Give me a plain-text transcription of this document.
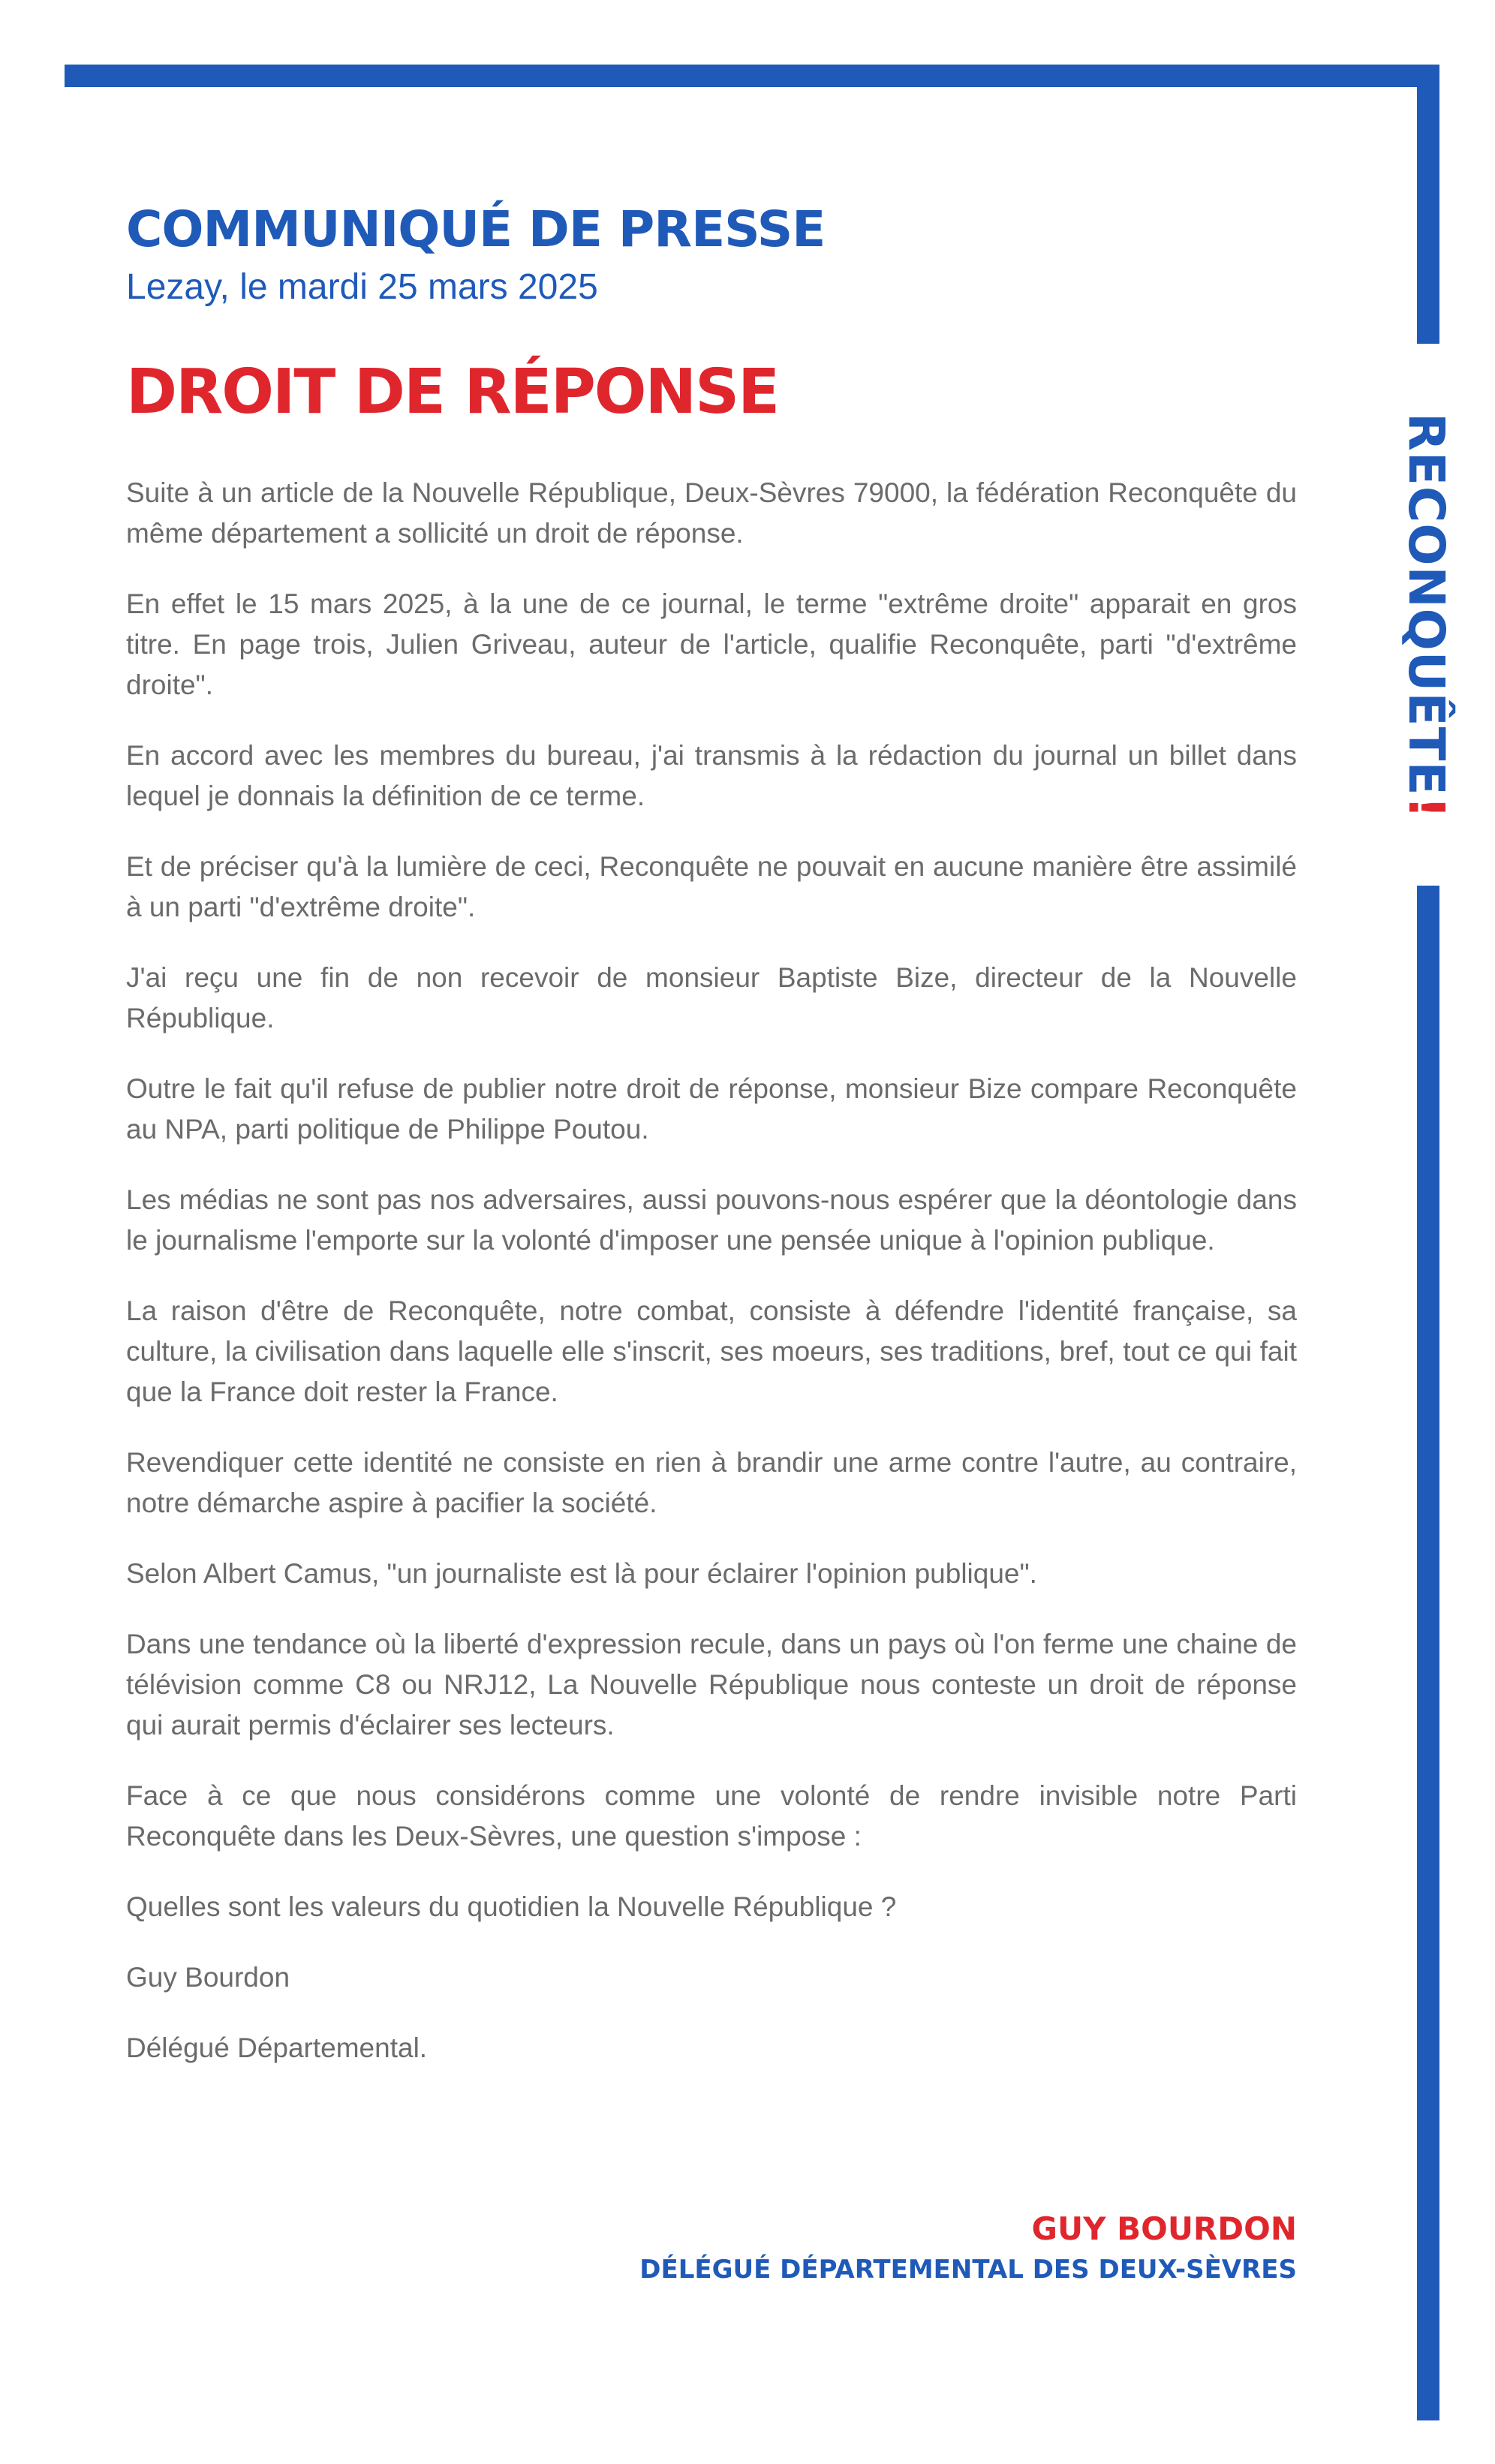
RECONQUÊTE!
COMMUNIQUÉ DE PRESSE

Lezay, le mardi 25 mars 2025

DROIT DE RÉPONSE

Suite à un article de la Nouvelle République, Deux-Sèvres 79000, la fédération Reconquête du même département a sollicité un droit de réponse.

En effet le 15 mars 2025, à la une de ce journal, le terme "extrême droite" apparait en gros titre. En page trois, Julien Griveau, auteur de l'article, qualifie Reconquête, parti "d'extrême droite".

En accord avec les membres du bureau, j'ai transmis à la rédaction du journal un billet dans lequel je donnais la définition de ce terme.

Et de préciser qu'à la lumière de ceci, Reconquête ne pouvait en aucune manière être assimilé à un parti "d'extrême droite".

J'ai reçu une fin de non recevoir de monsieur Baptiste Bize, directeur de la Nouvelle République.

Outre le fait qu'il refuse de publier notre droit de réponse, monsieur Bize compare Reconquête au NPA, parti politique de Philippe Poutou.

Les médias ne sont pas nos adversaires, aussi pouvons-nous espérer que la déontologie dans le journalisme l'emporte sur la volonté d'imposer une pensée unique à l'opinion publique.

La raison d'être de Reconquête, notre combat, consiste à défendre l'identité française, sa culture, la civilisation dans laquelle elle s'inscrit, ses moeurs, ses traditions, bref, tout ce qui fait que la France doit rester la France.

Revendiquer cette identité ne consiste en rien à brandir une arme contre l'autre, au contraire, notre démarche aspire à pacifier la société.

Selon Albert Camus, "un journaliste est là pour éclairer l'opinion publique".

Dans une tendance où la liberté d'expression recule, dans un pays où l'on ferme une chaine de télévision comme C8 ou NRJ12, La Nouvelle République nous conteste un droit de réponse qui aurait permis d'éclairer ses lecteurs.

Face à ce que nous considérons comme une volonté de rendre invisible notre Parti Reconquête dans les Deux-Sèvres, une question s'impose :

Quelles sont les valeurs du quotidien la Nouvelle République ?

Guy Bourdon

Délégué Départemental.

GUY BOURDON

DÉLÉGUÉ DÉPARTEMENTAL DES DEUX-SÈVRES
